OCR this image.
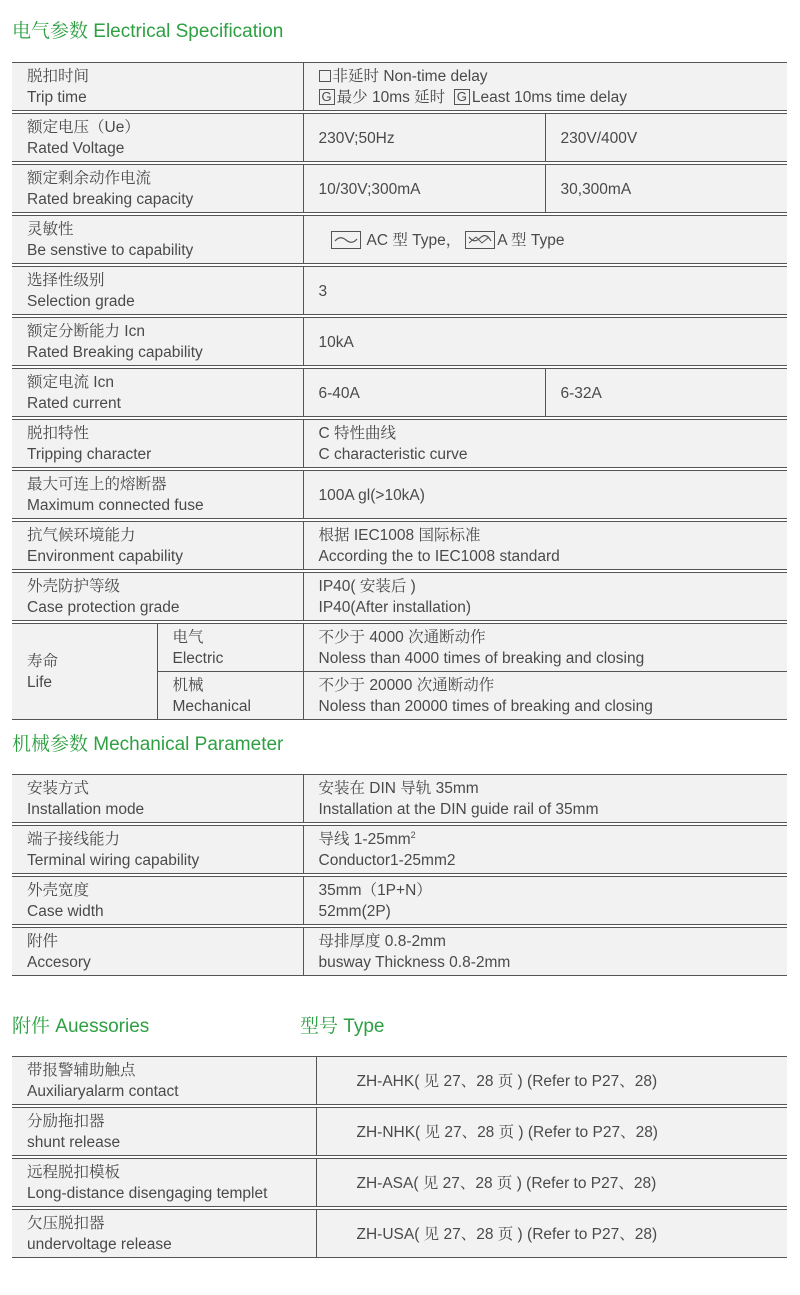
电气参数 Electrical Specification
脱扣时间
Trip time		非延时 Non-time delay
G 最少 10ms 延时 G Least 10ms time delay	

额定电压（Ue）
Rated Voltage		230V;50Hz	230V/400V

额定剩余动作电流
Rated breaking capacity		10/30V;300mA	30,300mA

灵敏性
Be senstive to capability		AC 型 Type， A 型 Type	

选择性级别
Selection grade		3	

额定分断能力 Icn
Rated Breaking capability		10kA	

额定电流 Icn
Rated current		6-40A	6-32A

脱扣特性
Tripping character		C 特性曲线
C characteristic curve	

最大可连上的熔断器
Maximum connected fuse		100A gl(>10kA)	

抗气候环境能力
Environment capability		根据 IEC1008 国际标准
According the to IEC1008 standard	

外壳防护等级
Case protection grade		IP40( 安装后 )
IP40(After installation)	

寿命
Life	电气
Electric	不少于 4000 次通断动作
Noless than 4000 times of breaking and closing	

	机械
Mechanical	不少于 20000 次通断动作
Noless than 20000 times of breaking and closing	
机械参数 Mechanical Parameter
安装方式
Installation mode	安装在 DIN 导轨 35mm
Installation at the DIN guide rail of 35mm

端子接线能力
Terminal wiring capability	导线 $1-25mm^2$
Conductor1-25mm2

外壳宽度
Case width	35mm（1P+N）
52mm(2P)

附件
Accesory	母排厚度 0.8-2mm
busway Thickness 0.8-2mm
附件 Auessories	型号 Type
带报警辅助触点
Auxiliaryalarm contact	ZH-AHK( 见 27、28 页 ) (Refer to P27、28)

分励拖扣器
shunt release	ZH-NHK( 见 27、28 页 ) (Refer to P27、28)

远程脱扣模板
Long-distance disengaging templet	ZH-ASA( 见 27、28 页 ) (Refer to P27、28)

欠压脱扣器
undervoltage release	ZH-USA( 见 27、28 页 ) (Refer to P27、28)
